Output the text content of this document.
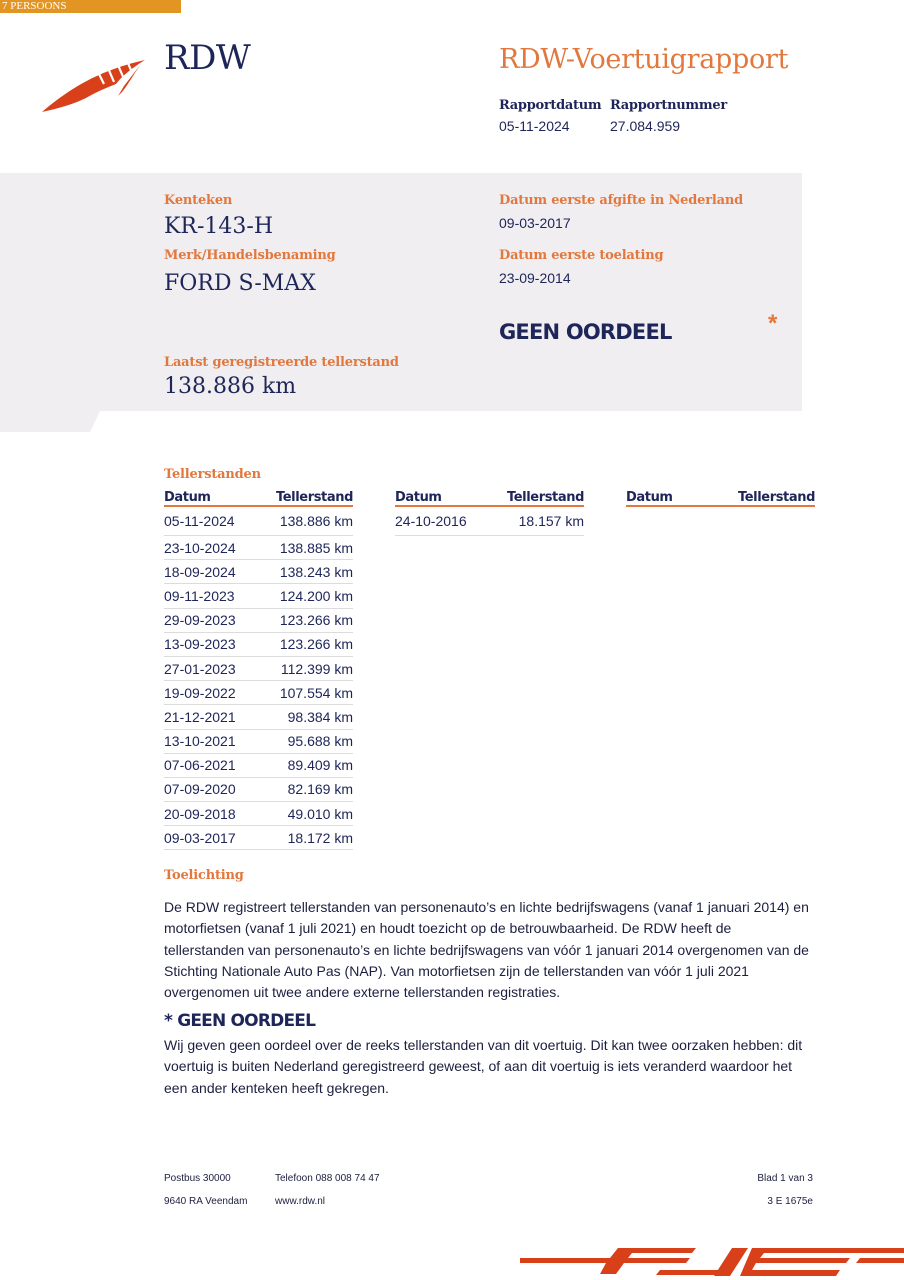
7 PERSOONS
RDW	RDW-Voertuigrapport
Rapportdatum
05-11-2024
Rapportnummer
27.084.959
Kenteken
KR-143-H
Merk/Handelsbenaming
FORD S-MAX
Datum eerste afgifte in Nederland
09-03-2017
Datum eerste toelating
23-09-2014
GEEN OORDEEL	*
Laatst geregistreerde tellerstand
138.886 km
Tellerstanden
Datum	Tellerstand
05-11-2024	138.886 km
23-10-2024	138.885 km
18-09-2024	138.243 km
09-11-2023	124.200 km
29-09-2023	123.266 km
13-09-2023	123.266 km
27-01-2023	112.399 km
19-09-2022	107.554 km
21-12-2021	98.384 km
13-10-2021	95.688 km
07-06-2021	89.409 km
07-09-2020	82.169 km
20-09-2018	49.010 km
09-03-2017	18.172 km
Datum	Tellerstand
24-10-2016	18.157 km
Datum	Tellerstand
Toelichting
De RDW registreert tellerstanden van personenauto’s en lichte bedrijfswagens (vanaf 1 januari 2014) en motorfietsen (vanaf 1 juli 2021) en houdt toezicht op de betrouwbaarheid. De RDW heeft de tellerstanden van personenauto’s en lichte bedrijfswagens van vóór 1 januari 2014 overgenomen van de Stichting Nationale Auto Pas (NAP). Van motorfietsen zijn de tellerstanden van vóór 1 juli 2021 overgenomen uit twee andere externe tellerstanden registraties.
* GEEN OORDEEL
Wij geven geen oordeel over de reeks tellerstanden van dit voertuig. Dit kan twee oorzaken hebben: dit voertuig is buiten Nederland geregistreerd geweest, of aan dit voertuig is iets veranderd waardoor het een ander kenteken heeft gekregen.
Postbus 30000
9640 RA Veendam
Telefoon 088 008 74 47
www.rdw.nl
Blad 1 van 3
3 E 1675e
